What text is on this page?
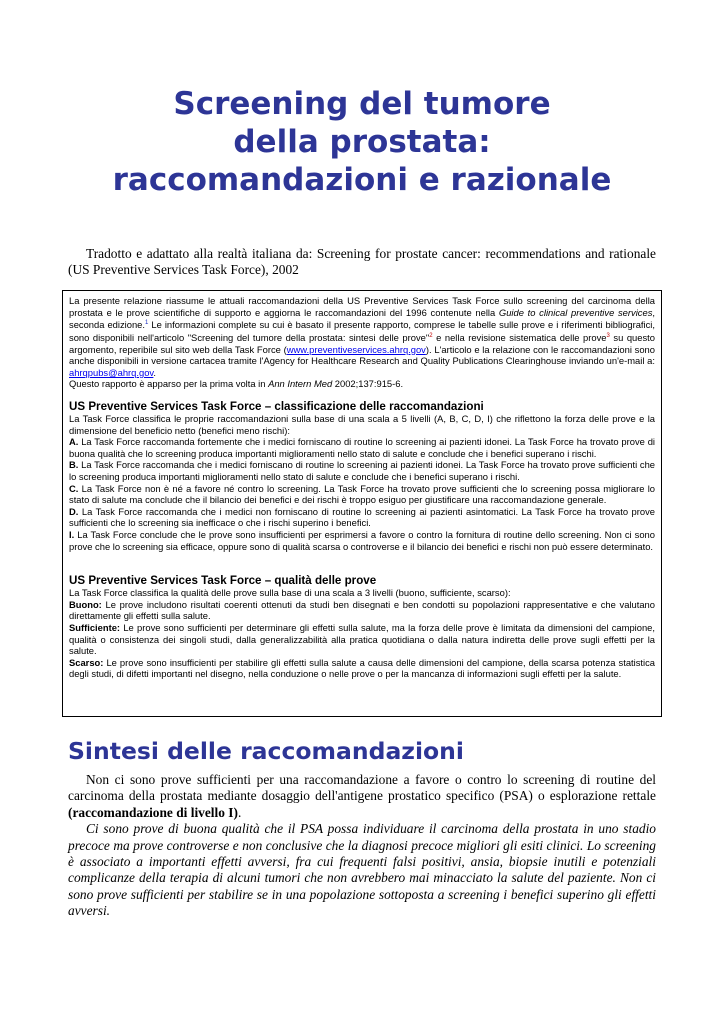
Screening del tumore
della prostata:
raccomandazioni e razionale

Tradotto e adattato alla realtà italiana da: Screening for prostate cancer: recommendations and rationale (US Preventive Services Task Force), 2002

La presente relazione riassume le attuali raccomandazioni della US Preventive Services Task Force sullo screening del carcinoma della prostata e le prove scientifiche di supporto e aggiorna le raccomandazioni del 1996 contenute nella Guide to clinical preventive services, seconda edizione.$^1$ Le informazioni complete su cui è basato il presente rapporto, comprese le tabelle sulle prove e i riferimenti bibliografici, sono disponibili nell'articolo "Screening del tumore della prostata: sintesi delle prove"$^2$ e nella revisione sistematica delle prove$^3$ su questo argomento, reperibile sul sito web della Task Force (www.preventiveservices.ahrq.gov). L'articolo e la relazione con le raccomandazioni sono anche disponibili in versione cartacea tramite l'Agency for Healthcare Research and Quality Publications Clearinghouse inviando un'e-mail a: ahrqpubs@ahrq.gov.

Questo rapporto è apparso per la prima volta in Ann Intern Med 2002;137:915-6.

US Preventive Services Task Force – classificazione delle raccomandazioni

La Task Force classifica le proprie raccomandazioni sulla base di una scala a 5 livelli (A, B, C, D, I) che riflettono la forza delle prove e la dimensione del beneficio netto (benefici meno rischi):

A. La Task Force raccomanda fortemente che i medici forniscano di routine lo screening ai pazienti idonei. La Task Force ha trovato prove di buona qualità che lo screening produca importanti miglioramenti nello stato di salute e conclude che i benefici superano i rischi.

B. La Task Force raccomanda che i medici forniscano di routine lo screening ai pazienti idonei. La Task Force ha trovato prove sufficienti che lo screening produca importanti miglioramenti nello stato di salute e conclude che i benefici superano i rischi.

C. La Task Force non è né a favore né contro lo screening. La Task Force ha trovato prove sufficienti che lo screening possa migliorare lo stato di salute ma conclude che il bilancio dei benefici e dei rischi è troppo esiguo per giustificare una raccomandazione generale.

D. La Task Force raccomanda che i medici non forniscano di routine lo screening ai pazienti asintomatici. La Task Force ha trovato prove sufficienti che lo screening sia inefficace o che i rischi superino i benefici.

I. La Task Force conclude che le prove sono insufficienti per esprimersi a favore o contro la fornitura di routine dello screening. Non ci sono prove che lo screening sia efficace, oppure sono di qualità scarsa o controverse e il bilancio dei benefici e rischi non può essere determinato.

US Preventive Services Task Force – qualità delle prove

La Task Force classifica la qualità delle prove sulla base di una scala a 3 livelli (buono, sufficiente, scarso):

Buono: Le prove includono risultati coerenti ottenuti da studi ben disegnati e ben condotti su popolazioni rappresentative e che valutano direttamente gli effetti sulla salute.

Sufficiente: Le prove sono sufficienti per determinare gli effetti sulla salute, ma la forza delle prove è limitata da dimensioni del campione, qualità o consistenza dei singoli studi, dalla generalizzabilità alla pratica quotidiana o dalla natura indiretta delle prove sugli effetti per la salute.

Scarso: Le prove sono insufficienti per stabilire gli effetti sulla salute a causa delle dimensioni del campione, della scarsa potenza statistica degli studi, di difetti importanti nel disegno, nella conduzione o nelle prove o per la mancanza di informazioni sugli effetti per la salute.

Sintesi delle raccomandazioni

Non ci sono prove sufficienti per una raccomandazione a favore o contro lo screening di routine del carcinoma della prostata mediante dosaggio dell'antigene prostatico specifico (PSA) o esplorazione rettale (raccomandazione di livello I).

Ci sono prove di buona qualità che il PSA possa individuare il carcinoma della prostata in uno stadio precoce ma prove controverse e non conclusive che la diagnosi precoce migliori gli esiti clinici. Lo screening è associato a importanti effetti avversi, fra cui frequenti falsi positivi, ansia, biopsie inutili e potenziali complicanze della terapia di alcuni tumori che non avrebbero mai minacciato la salute del paziente. Non ci sono prove sufficienti per stabilire se in una popolazione sottoposta a screening i benefici superino gli effetti avversi.
